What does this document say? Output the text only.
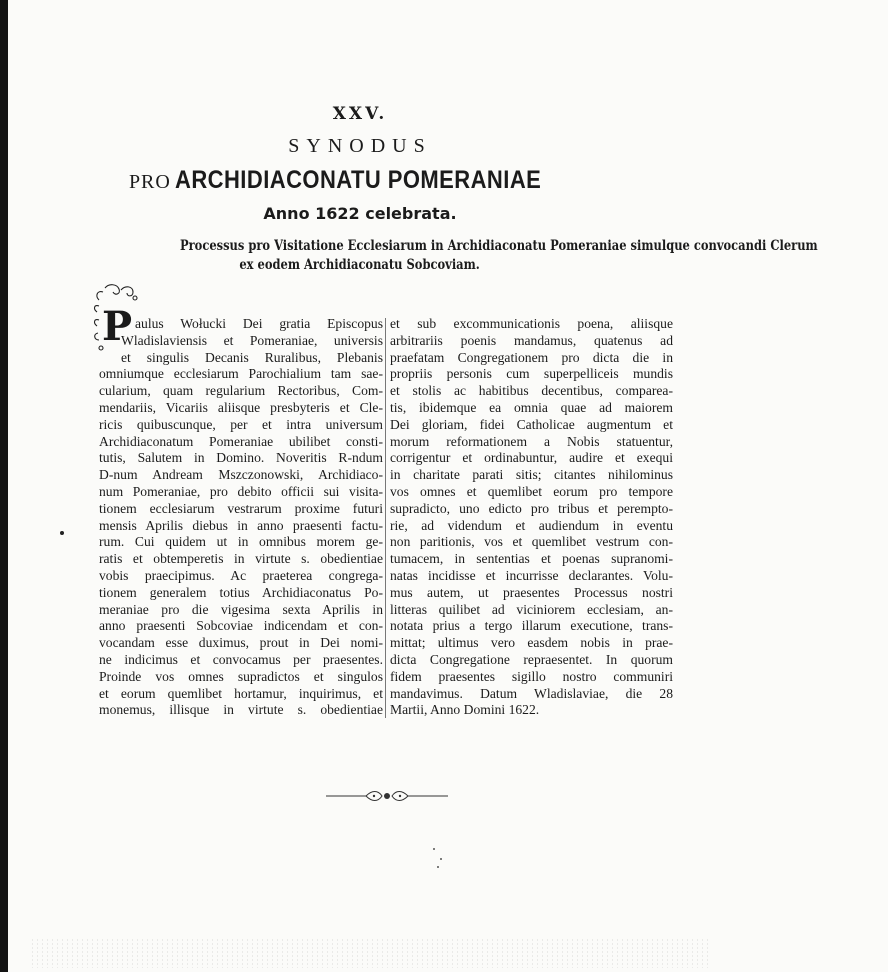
XXV.
SYNODUS
PRO ARCHIDIACONATU POMERANIAE
Anno 1622 celebrata.
Processus pro Visitatione Ecclesiarum in Archidiaconatu Pomeraniae simulque convocandi Clerum
ex eodem Archidiaconatu Sobcoviam.
P aulus Wołucki Dei gratia Episcopus
Wladislaviensis et Pomeraniae, universis
et singulis Decanis Ruralibus, Plebanis
omniumque ecclesiarum Parochialium tam sae-
cularium, quam regularium Rectoribus, Com-
mendariis, Vicariis aliisque presbyteris et Cle-
ricis quibuscunque, per et intra universum
Archidiaconatum Pomeraniae ubilibet consti-
tutis, Salutem in Domino. Noveritis R-ndum
D-num Andream Mszczonowski, Archidiaco-
num Pomeraniae, pro debito officii sui visita-
tionem ecclesiarum vestrarum proxime futuri
mensis Aprilis diebus in anno praesenti factu-
rum. Cui quidem ut in omnibus morem ge-
ratis et obtemperetis in virtute s. obedientiae
vobis praecipimus. Ac praeterea congrega-
tionem generalem totius Archidiaconatus Po-
meraniae pro die vigesima sexta Aprilis in
anno praesenti Sobcoviae indicendam et con-
vocandam esse duximus, prout in Dei nomi-
ne indicimus et convocamus per praesentes.
Proinde vos omnes supradictos et singulos
et eorum quemlibet hortamur, inquirimus, et
monemus, illisque in virtute s. obedientiae
et sub excommunicationis poena, aliisque
arbitrariis poenis mandamus, quatenus ad
praefatam Congregationem pro dicta die in
propriis personis cum superpelliceis mundis
et stolis ac habitibus decentibus, comparea-
tis, ibidemque ea omnia quae ad maiorem
Dei gloriam, fidei Catholicae augmentum et
morum reformationem a Nobis statuentur,
corrigentur et ordinabuntur, audire et exequi
in charitate parati sitis; citantes nihilominus
vos omnes et quemlibet eorum pro tempore
supradicto, uno edicto pro tribus et perempto-
rie, ad videndum et audiendum in eventu
non paritionis, vos et quemlibet vestrum con-
tumacem, in sententias et poenas supranomi-
natas incidisse et incurrisse declarantes. Volu-
mus autem, ut praesentes Processus nostri
litteras quilibet ad viciniorem ecclesiam, an-
notata prius a tergo illarum executione, trans-
mittat; ultimus vero easdem nobis in prae-
dicta Congregatione repraesentet. In quorum
fidem praesentes sigillo nostro communiri
mandavimus. Datum Wladislaviae, die 28
Martii, Anno Domini 1622.
